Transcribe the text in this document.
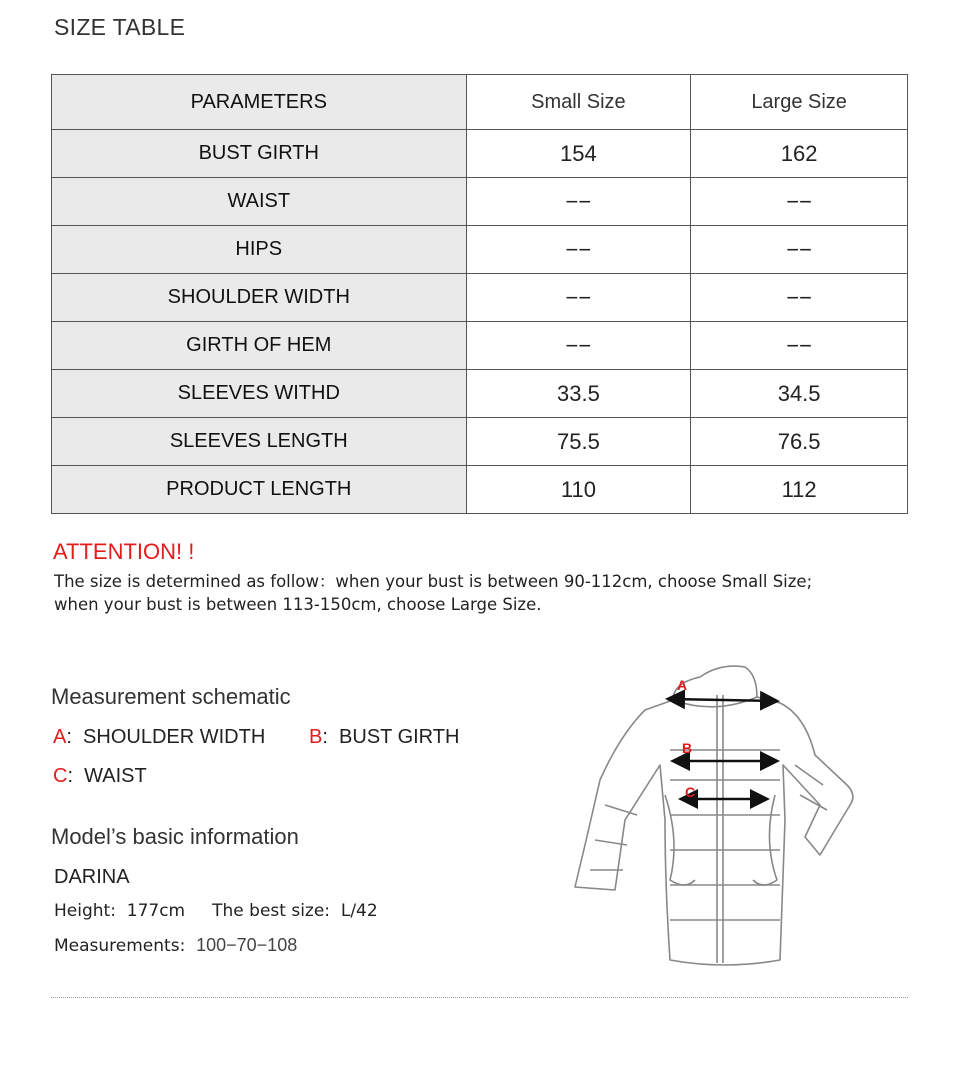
SIZE TABLE
PARAMETERS	Small Size	Large Size
BUST GIRTH	154	162
WAIST	−−	−−
HIPS	−−	−−
SHOULDER WIDTH	−−	−−
GIRTH OF HEM	−−	−−
SLEEVES WITHD	33.5	34.5
SLEEVES LENGTH	75.5	76.5
PRODUCT LENGTH	110	112
ATTENTION! !
The size is determined as follow：when your bust is between 90-112cm, choose Small Size;
when your bust is between 113-150cm, choose Large Size.
Measurement schematic
A: SHOULDER WIDTH B: BUST GIRTH
C: WAIST
Model’s basic information
DARINA
Height: 177cm The best size: L/42
Measurements: 100−70−108
A
B
C
